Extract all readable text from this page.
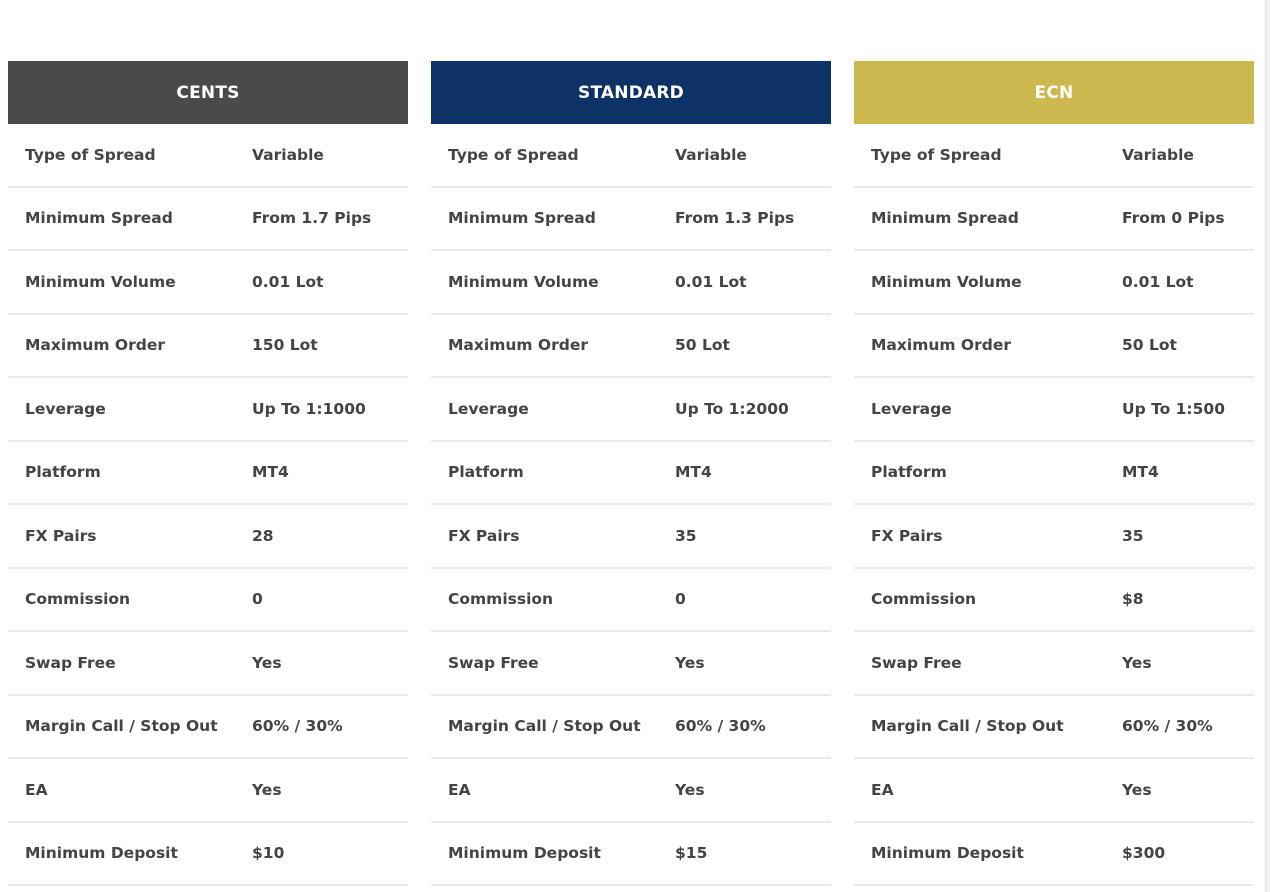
CENTS
Type of Spread	Variable
Minimum Spread	From 1.7 Pips
Minimum Volume	0.01 Lot
Maximum Order	150 Lot
Leverage	Up To 1:1000
Platform	MT4
FX Pairs	28
Commission	0
Swap Free	Yes
Margin Call / Stop Out	60% / 30%
EA	Yes
Minimum Deposit	$10
STANDARD
Type of Spread	Variable
Minimum Spread	From 1.3 Pips
Minimum Volume	0.01 Lot
Maximum Order	50 Lot
Leverage	Up To 1:2000
Platform	MT4
FX Pairs	35
Commission	0
Swap Free	Yes
Margin Call / Stop Out	60% / 30%
EA	Yes
Minimum Deposit	$15
ECN
Type of Spread	Variable
Minimum Spread	From 0 Pips
Minimum Volume	0.01 Lot
Maximum Order	50 Lot
Leverage	Up To 1:500
Platform	MT4
FX Pairs	35
Commission	$8
Swap Free	Yes
Margin Call / Stop Out	60% / 30%
EA	Yes
Minimum Deposit	$300
